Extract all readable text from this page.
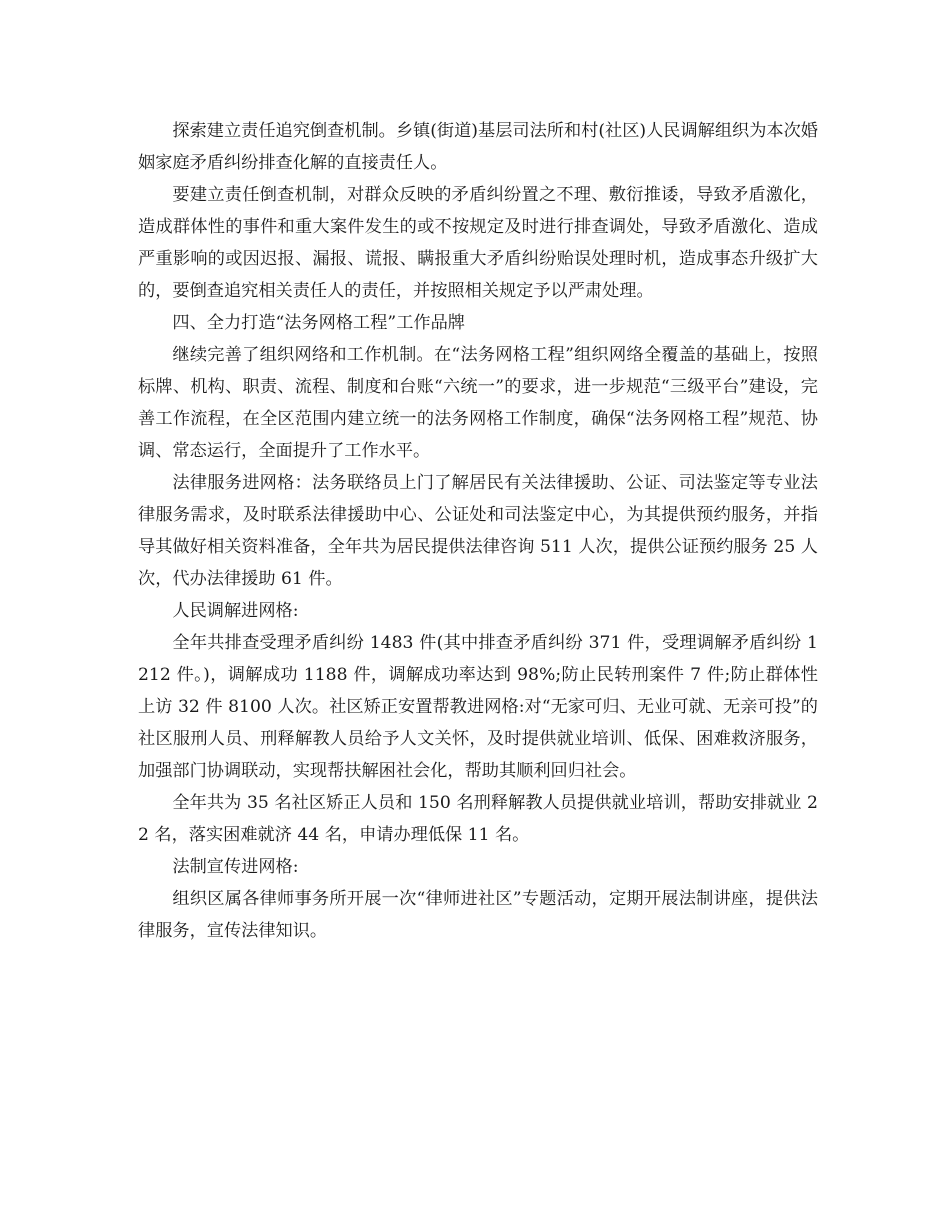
探索建立责任追究倒查机制。乡镇(街道)基层司法所和村(社区)人民调解组织为本次婚姻家庭矛盾纠纷排查化解的直接责任人。

要建立责任倒查机制，对群众反映的矛盾纠纷置之不理、敷衍推诿，导致矛盾激化，造成群体性的事件和重大案件发生的或不按规定及时进行排查调处，导致矛盾激化、造成严重影响的或因迟报、漏报、谎报、瞒报重大矛盾纠纷贻误处理时机，造成事态升级扩大的，要倒查追究相关责任人的责任，并按照相关规定予以严肃处理。

四、全力打造“法务网格工程”工作品牌

继续完善了组织网络和工作机制。在“法务网格工程”组织网络全覆盖的基础上，按照标牌、机构、职责、流程、制度和台账“六统一”的要求，进一步规范“三级平台”建设，完善工作流程，在全区范围内建立统一的法务网格工作制度，确保“法务网格工程”规范、协调、常态运行，全面提升了工作水平。

法律服务进网格：法务联络员上门了解居民有关法律援助、公证、司法鉴定等专业法律服务需求，及时联系法律援助中心、公证处和司法鉴定中心，为其提供预约服务，并指导其做好相关资料准备，全年共为居民提供法律咨询 511 人次，提供公证预约服务 25 人次，代办法律援助 61 件。

人民调解进网格:

全年共排查受理矛盾纠纷 1483 件(其中排查矛盾纠纷 371 件，受理调解矛盾纠纷 1212 件。)，调解成功 1188 件，调解成功率达到 98%;防止民转刑案件 7 件;防止群体性上访 32 件 8100 人次。社区矫正安置帮教进网格:对“无家可归、无业可就、无亲可投”的社区服刑人员、刑释解教人员给予人文关怀，及时提供就业培训、低保、困难救济服务，加强部门协调联动，实现帮扶解困社会化，帮助其顺利回归社会。

全年共为 35 名社区矫正人员和 150 名刑释解教人员提供就业培训，帮助安排就业 22 名，落实困难就济 44 名，申请办理低保 11 名。

法制宣传进网格:

组织区属各律师事务所开展一次“律师进社区”专题活动，定期开展法制讲座，提供法律服务，宣传法律知识。
